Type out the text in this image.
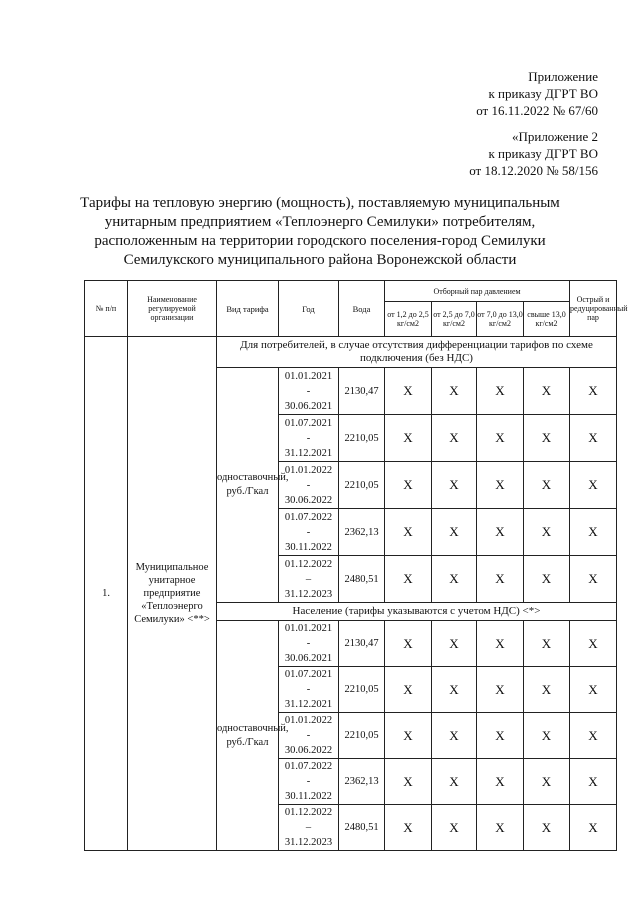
Приложение
к приказу ДГРТ ВО
от 16.11.2022 № 67/60
«Приложение 2
к приказу ДГРТ ВО
от 18.12.2020 № 58/156
Тарифы на тепловую энергию (мощность), поставляемую муниципальным
унитарным предприятием «Теплоэнерго Семилуки» потребителям,
расположенным на территории городского поселения-город Семилуки
Семилукского муниципального района Воронежской области
№ п/п	Наименование регулируемой организации	Вид тарифа	Год	Вода	Отборный пар давлением				Острый и редуцированный пар
					от 1,2 до 2,5 кг/см2	от 2,5 до 7,0 кг/см2	от 7,0 до 13,0 кг/см2	свыше 13,0 кг/см2	
1.	Муниципальное унитарное предприятие «Теплоэнерго Семилуки» <**>	Для потребителей, в случае отсутствия дифференциации тарифов по схеме подключения (без НДС)							
		одноставочный, руб./Гкал	01.01.2021
-
30.06.2021	2130,47	Х	Х	Х	Х	Х

			01.07.2021
-
31.12.2021	2210,05	Х	Х	Х	Х	Х

			01.01.2022
-
30.06.2022	2210,05	Х	Х	Х	Х	Х

			01.07.2022
-
30.11.2022	2362,13	Х	Х	Х	Х	Х

			01.12.2022
–
31.12.2023	2480,51	Х	Х	Х	Х	Х
		Население (тарифы указываются с учетом НДС) <*>							
		одноставочный, руб./Гкал	01.01.2021
-
30.06.2021	2130,47	Х	Х	Х	Х	Х

			01.07.2021
-
31.12.2021	2210,05	Х	Х	Х	Х	Х

			01.01.2022
-
30.06.2022	2210,05	Х	Х	Х	Х	Х

			01.07.2022
-
30.11.2022	2362,13	Х	Х	Х	Х	Х

			01.12.2022
–
31.12.2023	2480,51	Х	Х	Х	Х	Х
